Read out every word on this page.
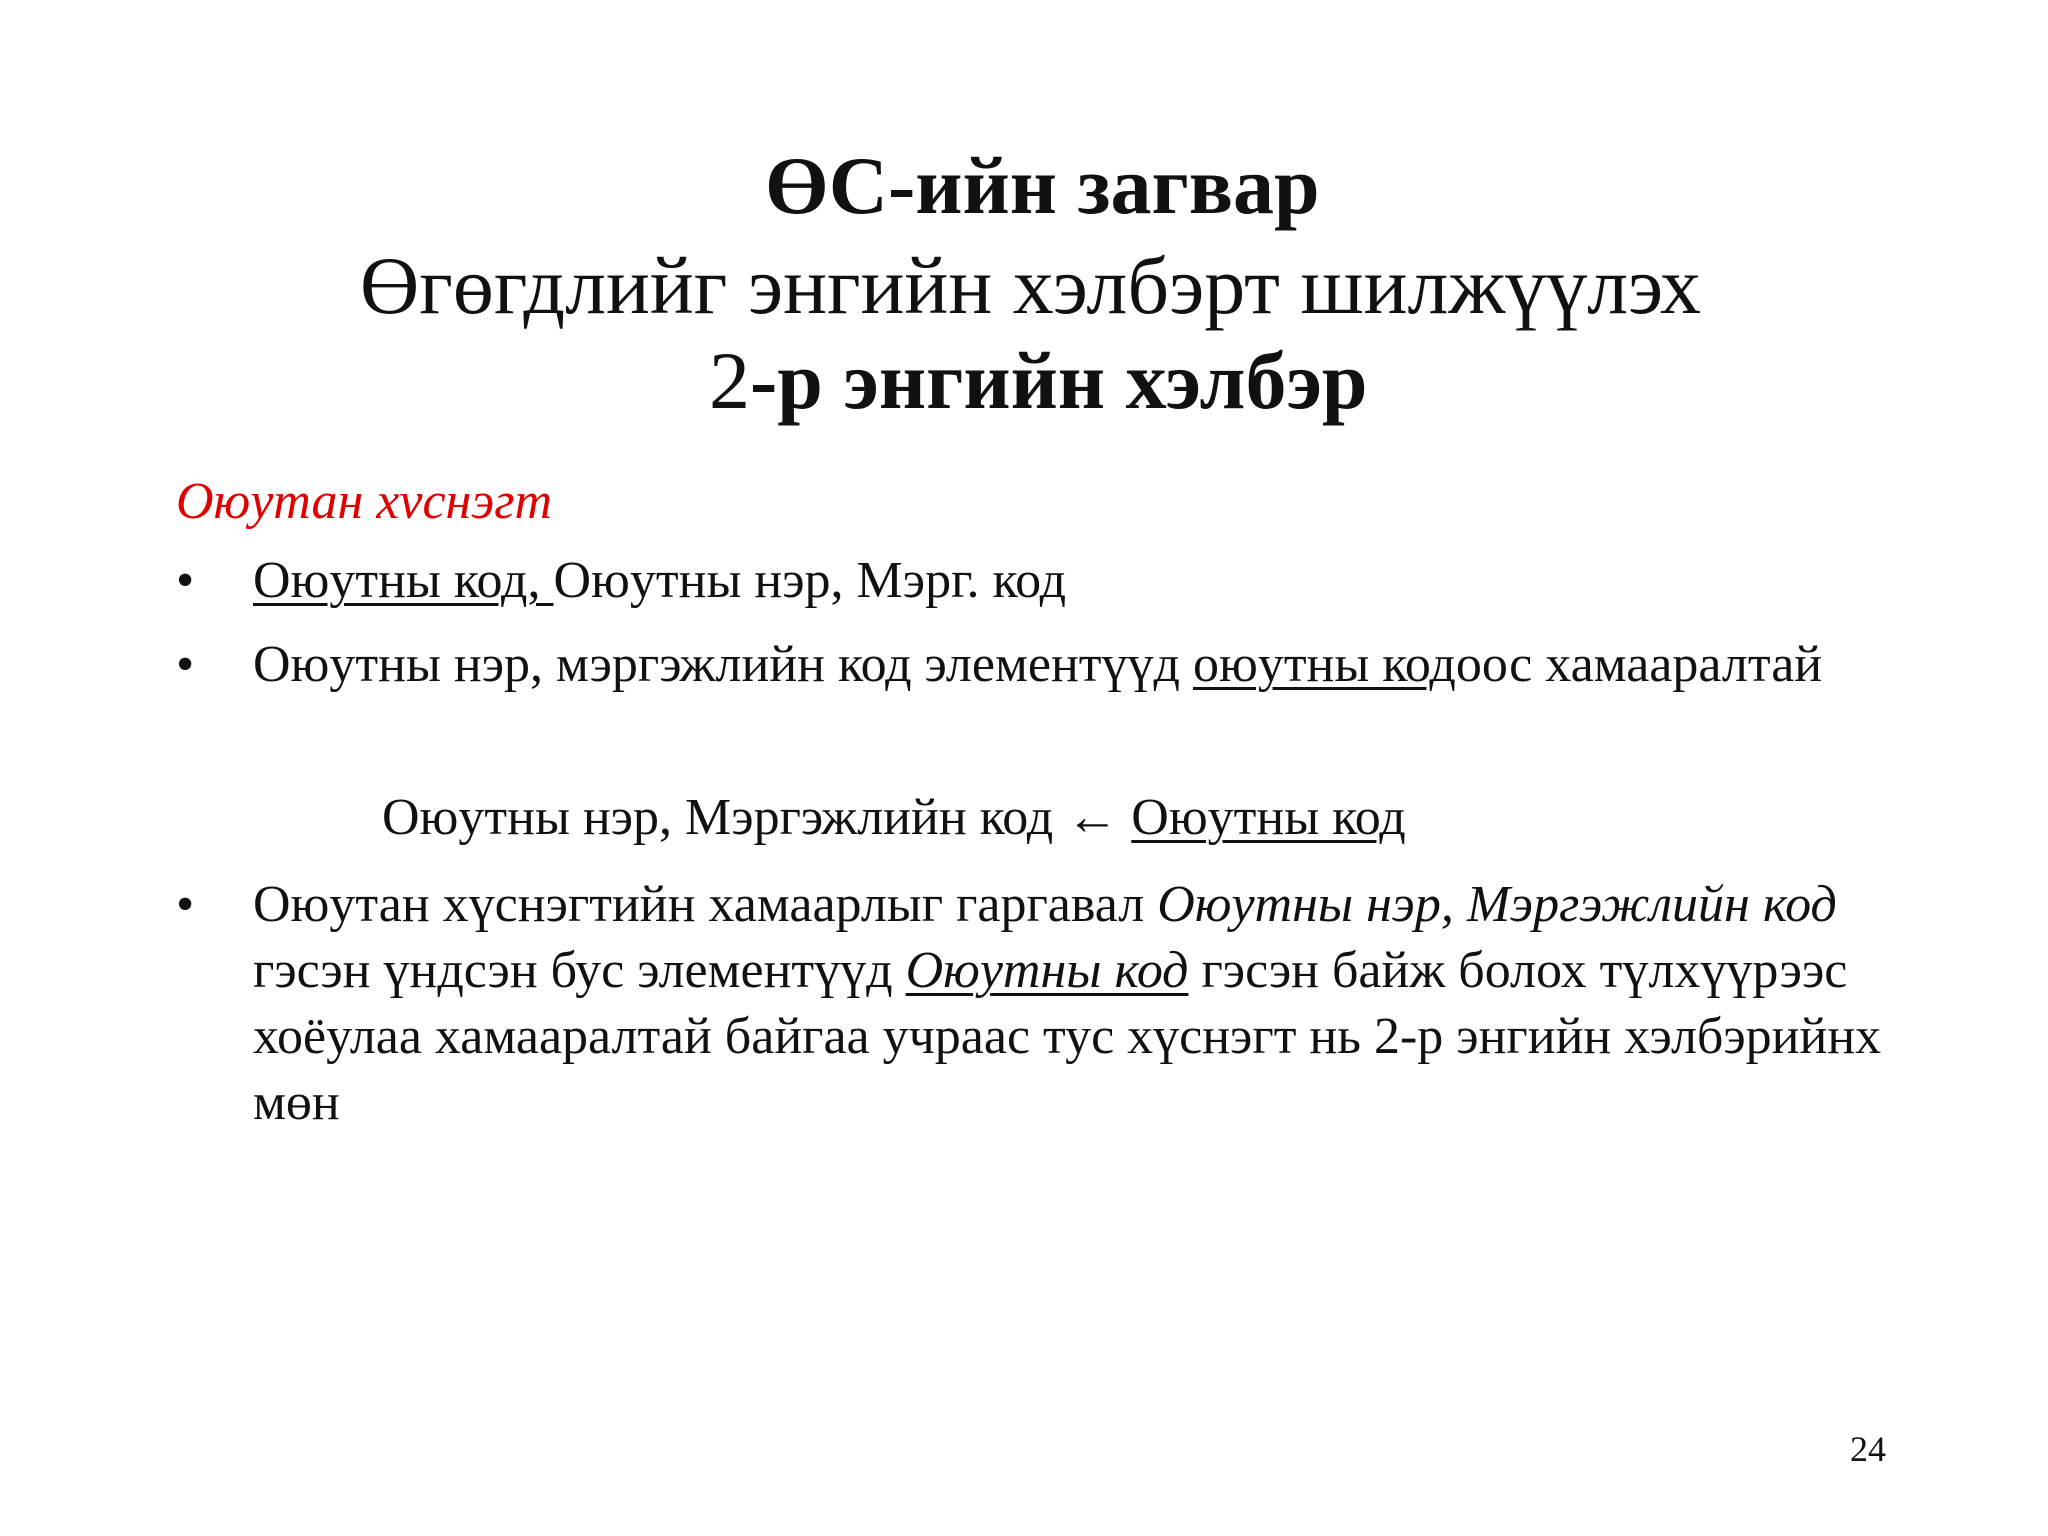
ӨС-ийн загвар
Өгөгдлийг энгийн хэлбэрт шилжүүлэх
2-р энгийн хэлбэр
Оюутан хvснэгт
•	Оюутны код, Оюутны нэр, Мэрг. код
•	Оюутны нэр, мэргэжлийн код элементүүд оюутны кодоос хамааралтай
Оюутны нэр, Мэргэжлийн код ← Оюутны код
•	Оюутан хүснэгтийн хамаарлыг гаргавал Оюутны нэр, Мэргэжлийн код гэсэн үндсэн бус элементүүд Оюутны код гэсэн байж болох түлхүүрээс хоёулаа хамааралтай байгаа учраас тус хүснэгт нь 2-р энгийн хэлбэрийнх мөн
24
